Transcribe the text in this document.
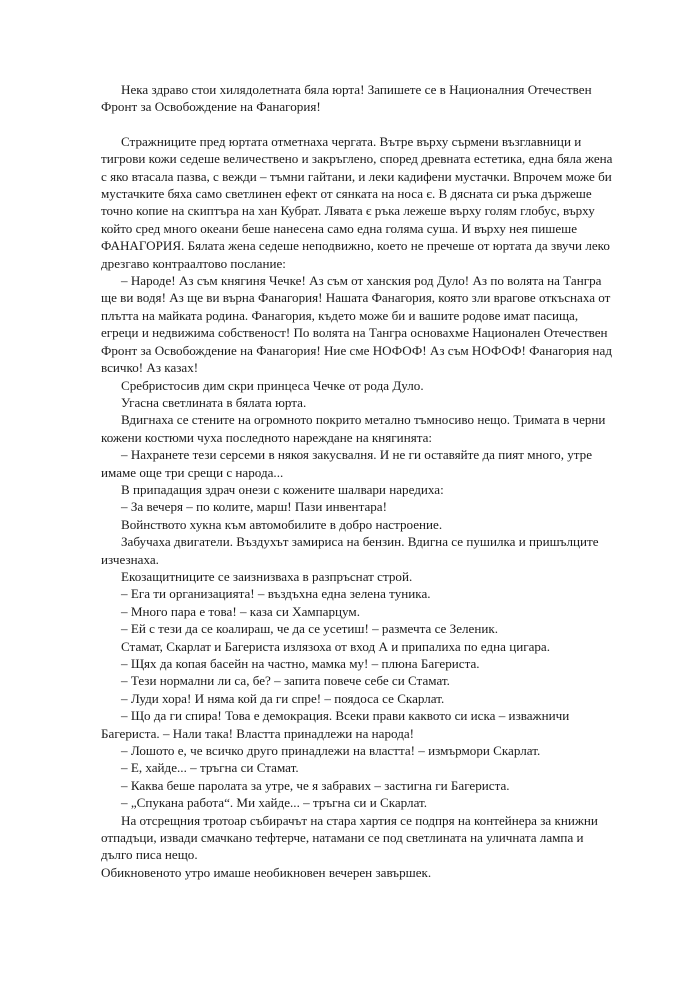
Нека здраво стои хилядолетната бяла юрта! Запишете се в Националния Отечествен Фронт за Освобождение на Фанагория!

Стражниците пред юртата отметнаха чергата. Вътре върху сърмени възглавници и тигрови кожи седеше величествено и закръглено, според древната естетика, една бяла жена с яко втасала пазва, с вежди – тъмни гайтани, и леки кадифени мустачки. Впрочем може би мустачките бяха само светлинен ефект от сянката на носа є. В дясната си ръка държеше точно копие на скиптъра на хан Кубрат. Лявата є ръка лежеше върху голям глобус, върху който сред много океани беше нанесена само една голяма суша. И върху нея пишеше ФАНАГОРИЯ. Бялата жена седеше неподвижно, което не пречеше от юртата да звучи леко дрезгаво контраалтово послание:

– Народе! Аз съм княгиня Чечке! Аз съм от ханския род Дуло! Аз по волята на Тангра ще ви водя! Аз ще ви върна Фанагория! Нашата Фанагория, която зли врагове откъснаха от плътта на майката родина. Фанагория, където може би и вашите родове имат пасища, егреци и недвижима собственост! По волята на Тангра основахме Национален Отечествен Фронт за Освобождение на Фанагория! Ние сме НОФОФ! Аз съм НОФОФ! Фанагория над всичко! Аз казах!

Сребристосив дим скри принцеса Чечке от рода Дуло.

Угасна светлината в бялата юрта.

Вдигнаха се стените на огромното покрито метално тъмносиво нещо. Тримата в черни кожени костюми чуха последното нареждане на княгинята:

– Нахранете тези серсеми в някоя закусвалня. И не ги оставяйте да пият много, утре имаме още три срещи с народа...

В припадащия здрач онези с кожените шалвари наредиха:

– За вечеря – по колите, марш! Пази инвентара!

Войнството хукна към автомобилите в добро настроение.

Забучаха двигатели. Въздухът замириса на бензин. Вдигна се пушилка и пришълците изчезнаха.

Екозащитниците се заизнизваха в разпръснат строй.

– Ега ти организацията! – въздъхна една зелена туника.

– Много пара е това! – каза си Хампарцум.

– Ей с тези да се коалираш, че да се усетиш! – размечта се Зеленик.

Стамат, Скарлат и Багериста излязоха от вход А и припалиха по една цигара.

– Щях да копая басейн на частно, мамка му! – плюна Багериста.

– Тези нормални ли са, бе? – запита повече себе си Стамат.

– Луди хора! И няма кой да ги спре! – поядоса се Скарлат.

– Що да ги спира! Това е демокрация. Всеки прави каквото си иска – изважничи Багериста. – Нали така! Властта принадлежи на народа!

– Лошото е, че всичко друго принадлежи на властта! – измърмори Скарлат.

– Е, хайде... – тръгна си Стамат.

– Каква беше паролата за утре, че я забравих – застигна ги Багериста.

– „Спукана работа“. Ми хайде... – тръгна си и Скарлат.

На отсрещния тротоар събирачът на стара хартия се подпря на контейнера за книжни отпадъци, извади смачкано тефтерче, натамани се под светлината на уличната лампа и дълго писа нещо.

Обикновеното утро имаше необикновен вечерен завършек.
